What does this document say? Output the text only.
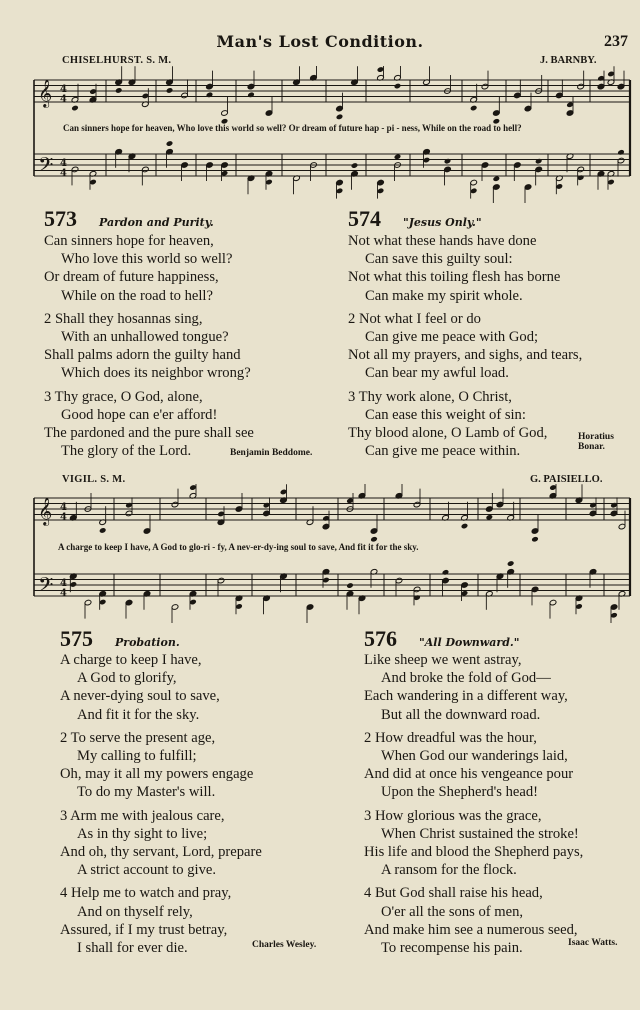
Man's Lost Condition.	237
CHISELHURST. S. M.	J. BARNBY.
𝄞 4
4
𝄢 4
4
Can sinners hope for heaven, Who love this world so well? Or dream of future hap - pi - ness, While on the road to hell?
573 Pardon and Purity.
Can sinners hope for heaven,
Who love this world so well?
Or dream of future happiness,
While on the road to hell?
2 Shall they hosannas sing,
With an unhallowed tongue?
Shall palms adorn the guilty hand
Which does its neighbor wrong?
3 Thy grace, O God, alone,
Good hope can e'er afford!
The pardoned and the pure shall see
The glory of the Lord.	Benjamin Beddome.
574 "Jesus Only."
Not what these hands have done
Can save this guilty soul:
Not what this toiling flesh has borne
Can make my spirit whole.
2 Not what I feel or do
Can give me peace with God;
Not all my prayers, and sighs, and tears,
Can bear my awful load.
3 Thy work alone, O Christ,
Can ease this weight of sin:
Thy blood alone, O Lamb of God,
Can give me peace within.
Horatius Bonar.
VIGIL. S. M.	G. PAISIELLO.
𝄞 4
4
𝄢 4
4
A charge to keep I have, A God to glo-ri - fy, A nev-er-dy-ing soul to save, And fit it for the sky.
575 Probation.
A charge to keep I have,
A God to glorify,
A never-dying soul to save,
And fit it for the sky.
2 To serve the present age,
My calling to fulfill;
Oh, may it all my powers engage
To do my Master's will.
3 Arm me with jealous care,
As in thy sight to live;
And oh, thy servant, Lord, prepare
A strict account to give.
4 Help me to watch and pray,
And on thyself rely,
Assured, if I my trust betray,
I shall for ever die.	Charles Wesley.
576 "All Downward."
Like sheep we went astray,
And broke the fold of God—
Each wandering in a different way,
But all the downward road.
2 How dreadful was the hour,
When God our wanderings laid,
And did at once his vengeance pour
Upon the Shepherd's head!
3 How glorious was the grace,
When Christ sustained the stroke!
His life and blood the Shepherd pays,
A ransom for the flock.
4 But God shall raise his head,
O'er all the sons of men,
And make him see a numerous seed,
To recompense his pain.	Isaac Watts.
